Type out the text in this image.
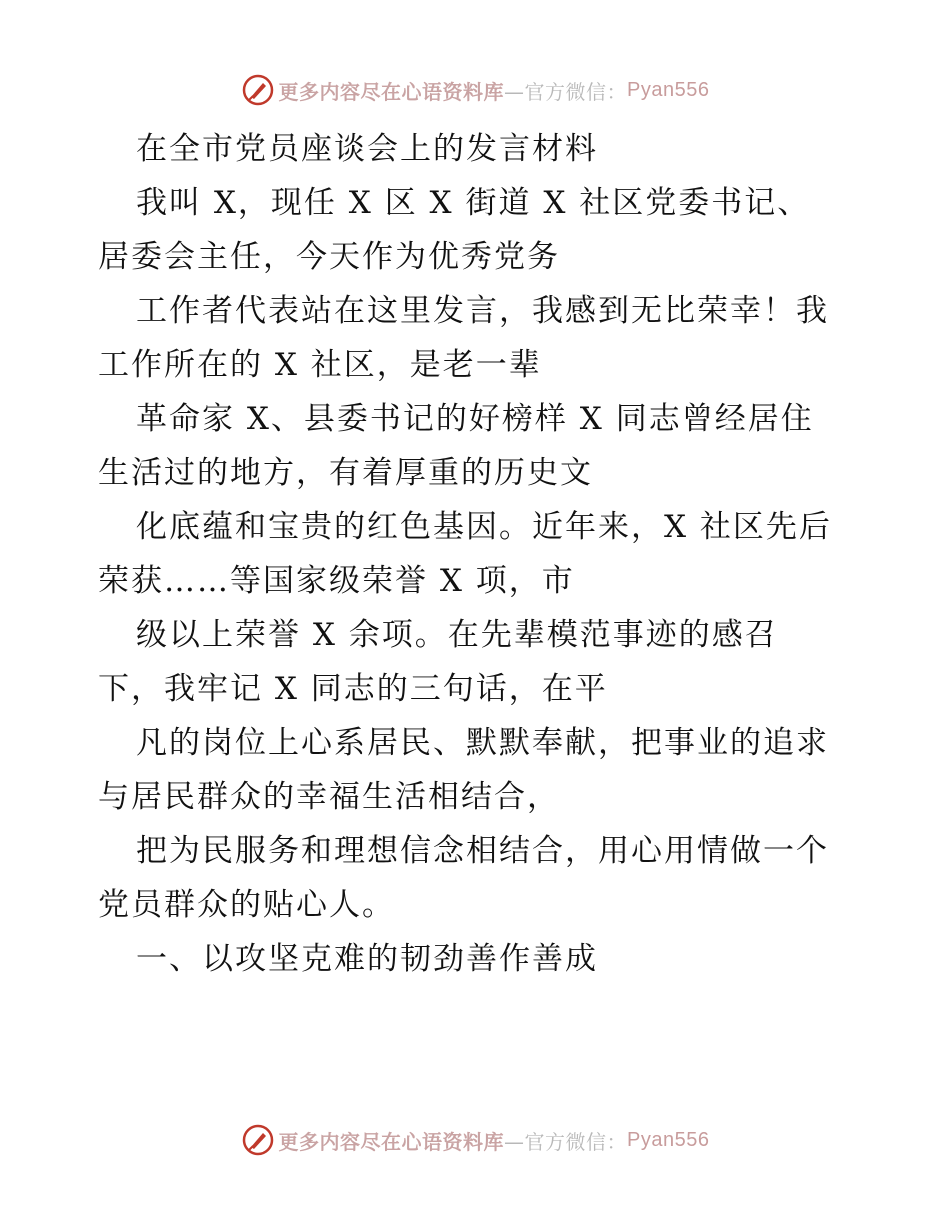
更多内容尽在心语资料库 —官方微信： Pyan556
在全市党员座谈会上的发言材料
我叫 X，现任 X 区 X 街道 X 社区党委书记、
居委会主任，今天作为优秀党务
工作者代表站在这里发言，我感到无比荣幸！我
工作所在的 X 社区，是老一辈
革命家 X、县委书记的好榜样 X 同志曾经居住
生活过的地方，有着厚重的历史文
化底蕴和宝贵的红色基因。近年来，X 社区先后
荣获……等国家级荣誉 X 项，市
级以上荣誉 X 余项。在先辈模范事迹的感召
下，我牢记 X 同志的三句话，在平
凡的岗位上心系居民、默默奉献，把事业的追求
与居民群众的幸福生活相结合，
把为民服务和理想信念相结合，用心用情做一个
党员群众的贴心人。
一、以攻坚克难的韧劲善作善成
更多内容尽在心语资料库 —官方微信： Pyan556
